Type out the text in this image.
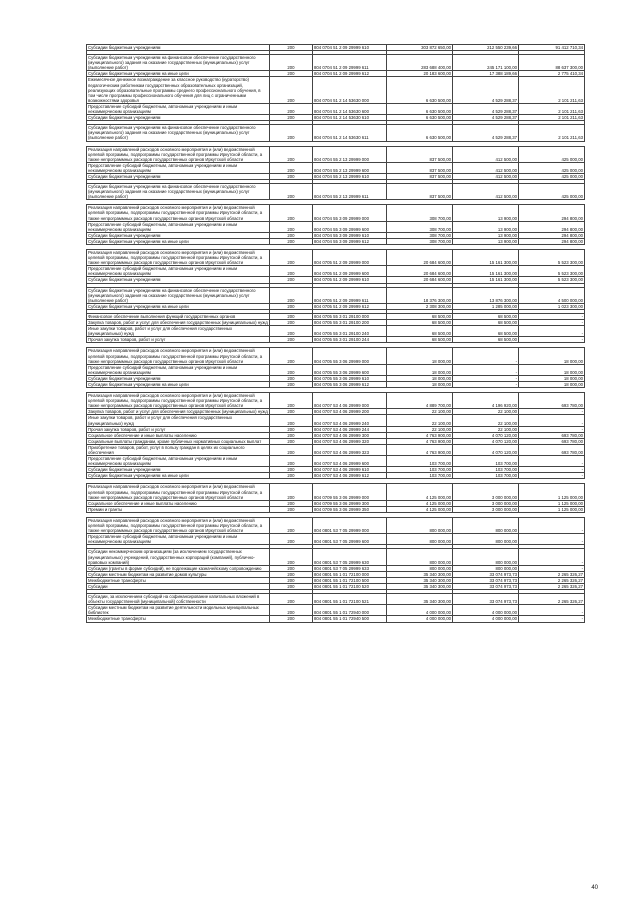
Субсидии бюджетным учреждениям	200	804 0704 51 2 09 29999 610	303 872 650,00	212 550 239,66	91 412 710,34

Субсидии бюджетным учреждениям на финансовое обеспечение государственного (муниципального) задания на оказание государственных (муниципальных) услуг (выполнение работ)	200	804 0704 51 2 09 29999 611	283 688 400,00	245 171 100,00	88 637 300,00
Субсидии бюджетным учреждениям на иные цели	200	804 0704 51 2 09 29999 612	20 183 600,00	17 388 189,66	2 775 410,34
Ежемесячное денежное вознаграждение за классное руководство (кураторство) педагогическим работникам государственных образовательных организаций, реализующих образовательные программы среднего профессионального обучения, в том числе программы профессионального обучения для лиц с ограниченными возможностями здоровья	200	804 0704 51 2 14 53630 000	6 630 500,00	4 529 288,37	2 101 211,63
Предоставление субсидий бюджетным, автономным учреждениям и иным некоммерческим организациям	200	804 0704 51 2 14 53630 600	6 630 500,00	4 529 288,37	2 101 211,63
Субсидии бюджетным учреждениям	200	804 0704 51 2 14 53630 610	6 630 500,00	4 529 288,37	2 101 211,63

Субсидии бюджетным учреждениям на финансовое обеспечение государственного (муниципального) задания на оказание государственных (муниципальных) услуг (выполнение работ)	200	804 0704 51 2 14 53630 611	6 630 500,00	4 529 288,37	2 101 211,63

Реализация направлений расходов основного мероприятия и (или) ведомственной целевой программы, подпрограммы государственной программы Иркутской области, а также непрограммных расходов государственных органов Иркутской области	200	804 0704 55 2 13 29999 000	837 500,00	412 500,00	425 000,00
Предоставление субсидий бюджетным, автономным учреждениям и иным некоммерческим организациям	200	804 0704 55 2 13 29999 600	837 500,00	412 500,00	425 000,00
Субсидии бюджетным учреждениям	200	804 0704 55 2 13 29999 610	837 500,00	412 500,00	425 000,00

Субсидии бюджетным учреждениям на финансовое обеспечение государственного (муниципального) задания на оказание государственных (муниципальных) услуг (выполнение работ)	200	804 0704 55 2 13 29999 611	837 500,00	412 500,00	425 000,00

Реализация направлений расходов основного мероприятия и (или) ведомственной целевой программы, подпрограммы государственной программы Иркутской области, а также непрограммных расходов государственных органов Иркутской области	200	804 0704 55 3 09 29999 000	308 700,00	13 900,00	294 800,00
Предоставление субсидий бюджетным, автономным учреждениям и иным некоммерческим организациям	200	804 0704 55 3 09 29999 600	308 700,00	13 900,00	294 800,00
Субсидии бюджетным учреждениям	200	804 0704 55 3 09 29999 610	308 700,00	13 900,00	294 800,00
Субсидии бюджетным учреждениям на иные цели	200	804 0704 55 3 09 29999 612	308 700,00	13 900,00	294 800,00

Реализация направлений расходов основного мероприятия и (или) ведомственной целевой программы, подпрограммы государственной программы Иркутской области, а также непрограммных расходов государственных органов Иркутской области	200	804 0705 51 2 09 29999 000	20 684 600,00	15 161 300,00	5 523 300,00
Предоставление субсидий бюджетным, автономным учреждениям и иным некоммерческим организациям	200	804 0705 51 2 09 29999 600	20 684 600,00	15 161 300,00	5 523 300,00
Субсидии бюджетным учреждениям	200	804 0705 51 2 09 29999 610	20 684 600,00	15 161 300,00	5 523 300,00

Субсидии бюджетным учреждениям на финансовое обеспечение государственного (муниципального) задания на оказание государственных (муниципальных) услуг (выполнение работ)	200	804 0705 51 2 09 29999 611	18 376 300,00	13 876 300,00	4 500 000,00
Субсидии бюджетным учреждениям на иные цели	200	804 0705 51 2 09 29999 612	2 308 300,00	1 285 000,00	1 023 300,00

Финансовое обеспечение выполнения функций государственных органов	200	804 0705 55 3 01 29100 000	68 500,00	68 500,00	-
Закупка товаров, работ и услуг для обеспечения государственных (муниципальных) нужд	200	804 0705 55 3 01 29100 200	68 500,00	68 500,00	-
Иные закупки товаров, работ и услуг для обеспечения государственных (муниципальных) нужд	200	804 0705 55 3 01 29100 240	68 500,00	68 500,00	-
Прочая закупка товаров, работ и услуг	200	804 0705 55 3 01 29100 244	68 500,00	68 500,00	-

Реализация направлений расходов основного мероприятия и (или) ведомственной целевой программы, подпрограммы государственной программы Иркутской области, а также непрограммных расходов государственных органов Иркутской области	200	804 0705 55 3 06 29999 000	18 000,00	-	18 000,00
Предоставление субсидий бюджетным, автономным учреждениям и иным некоммерческим организациям	200	804 0705 55 3 06 29999 600	18 000,00	-	18 000,00
Субсидии бюджетным учреждениям	200	804 0705 55 3 06 29999 610	18 000,00	-	18 000,00
Субсидии бюджетным учреждениям на иные цели	200	804 0705 55 3 06 29999 612	18 000,00	-	18 000,00

Реализация направлений расходов основного мероприятия и (или) ведомственной целевой программы, подпрограммы государственной программы Иркутской области, а также непрограммных расходов государственных органов Иркутской области	200	804 0707 53 4 06 29999 000	4 889 700,00	4 196 920,00	693 780,00
Закупка товаров, работ и услуг для обеспечения государственных (муниципальных) нужд	200	804 0707 53 4 06 29999 200	22 100,00	22 100,00	-
Иные закупки товаров, работ и услуг для обеспечения государственных (муниципальных) нужд	200	804 0707 53 4 06 29999 240	22 100,00	22 100,00	-
Прочая закупка товаров, работ и услуг	200	804 0707 53 4 06 29999 244	22 100,00	22 100,00	-
Социальное обеспечение и иные выплаты населению	200	804 0707 53 4 06 29999 300	4 763 900,00	4 070 120,00	693 780,00
Социальные выплаты гражданам, кроме публичных нормативных социальных выплат	200	804 0707 53 4 06 29999 320	4 763 900,00	4 070 120,00	693 780,00
Приобретение товаров, работ, услуг в пользу граждан в целях их социального обеспечения	200	804 0707 53 4 06 29999 323	4 763 900,00	4 070 120,00	693 780,00
Предоставление субсидий бюджетным, автономным учреждениям и иным некоммерческим организациям	200	804 0707 53 4 06 29999 600	103 700,00	103 700,00	-
Субсидии бюджетным учреждениям	200	804 0707 53 4 06 29999 610	103 700,00	103 700,00	-
Субсидии бюджетным учреждениям на иные цели	200	804 0707 53 4 06 29999 612	103 700,00	103 700,00	-

Реализация направлений расходов основного мероприятия и (или) ведомственной целевой программы, подпрограммы государственной программы Иркутской области, а также непрограммных расходов государственных органов Иркутской области	200	804 0709 55 3 06 29999 000	4 125 000,00	3 000 000,00	1 125 000,00
Социальное обеспечение и иные выплаты населению	200	804 0709 55 3 06 29999 300	4 125 000,00	3 000 000,00	1 125 000,00
Премии и гранты	200	804 0709 55 3 06 29999 350	4 125 000,00	3 000 000,00	1 125 000,00

Реализация направлений расходов основного мероприятия и (или) ведомственной целевой программы, подпрограммы государственной программы Иркутской области, а также непрограммных расходов государственных органов Иркутской области	200	804 0801 53 7 05 29999 000	800 000,00	800 000,00	-
Предоставление субсидий бюджетным, автономным учреждениям и иным некоммерческим организациям	200	804 0801 53 7 05 29999 600	800 000,00	800 000,00	-

Субсидии некоммерческим организациям (за исключением государственных (муниципальных) учреждений, государственных корпораций (компаний), публично-правовых компаний)	200	804 0801 53 7 05 29999 630	800 000,00	800 000,00	-
Субсидии (гранты в форме субсидий), не подлежащие казначейскому сопровождению	200	804 0801 53 7 05 29999 633	800 000,00	800 000,00	-
Субсидии местным бюджетам на развитие домов культуры	200	804 0801 55 1 01 72100 000	35 340 300,00	33 074 973,73	2 265 326,27
Межбюджетные трансферты	200	804 0801 55 1 01 72100 500	35 340 300,00	33 074 973,73	2 265 326,27
Субсидии	200	804 0801 55 1 01 72100 520	35 340 300,00	33 074 973,73	2 265 326,27

Субсидии, за исключением субсидий на софинансирование капитальных вложений в объекты государственной (муниципальной) собственности	200	804 0801 55 1 01 72100 521	35 340 300,00	33 074 973,73	2 265 326,27
Субсидии местным бюджетам на развитие деятельности модельных муниципальных библиотек	200	804 0801 55 1 01 72940 000	4 000 000,00	4 000 000,00	-
Межбюджетные трансферты	200	804 0801 55 1 01 72940 500	4 000 000,00	4 000 000,00	-
40
